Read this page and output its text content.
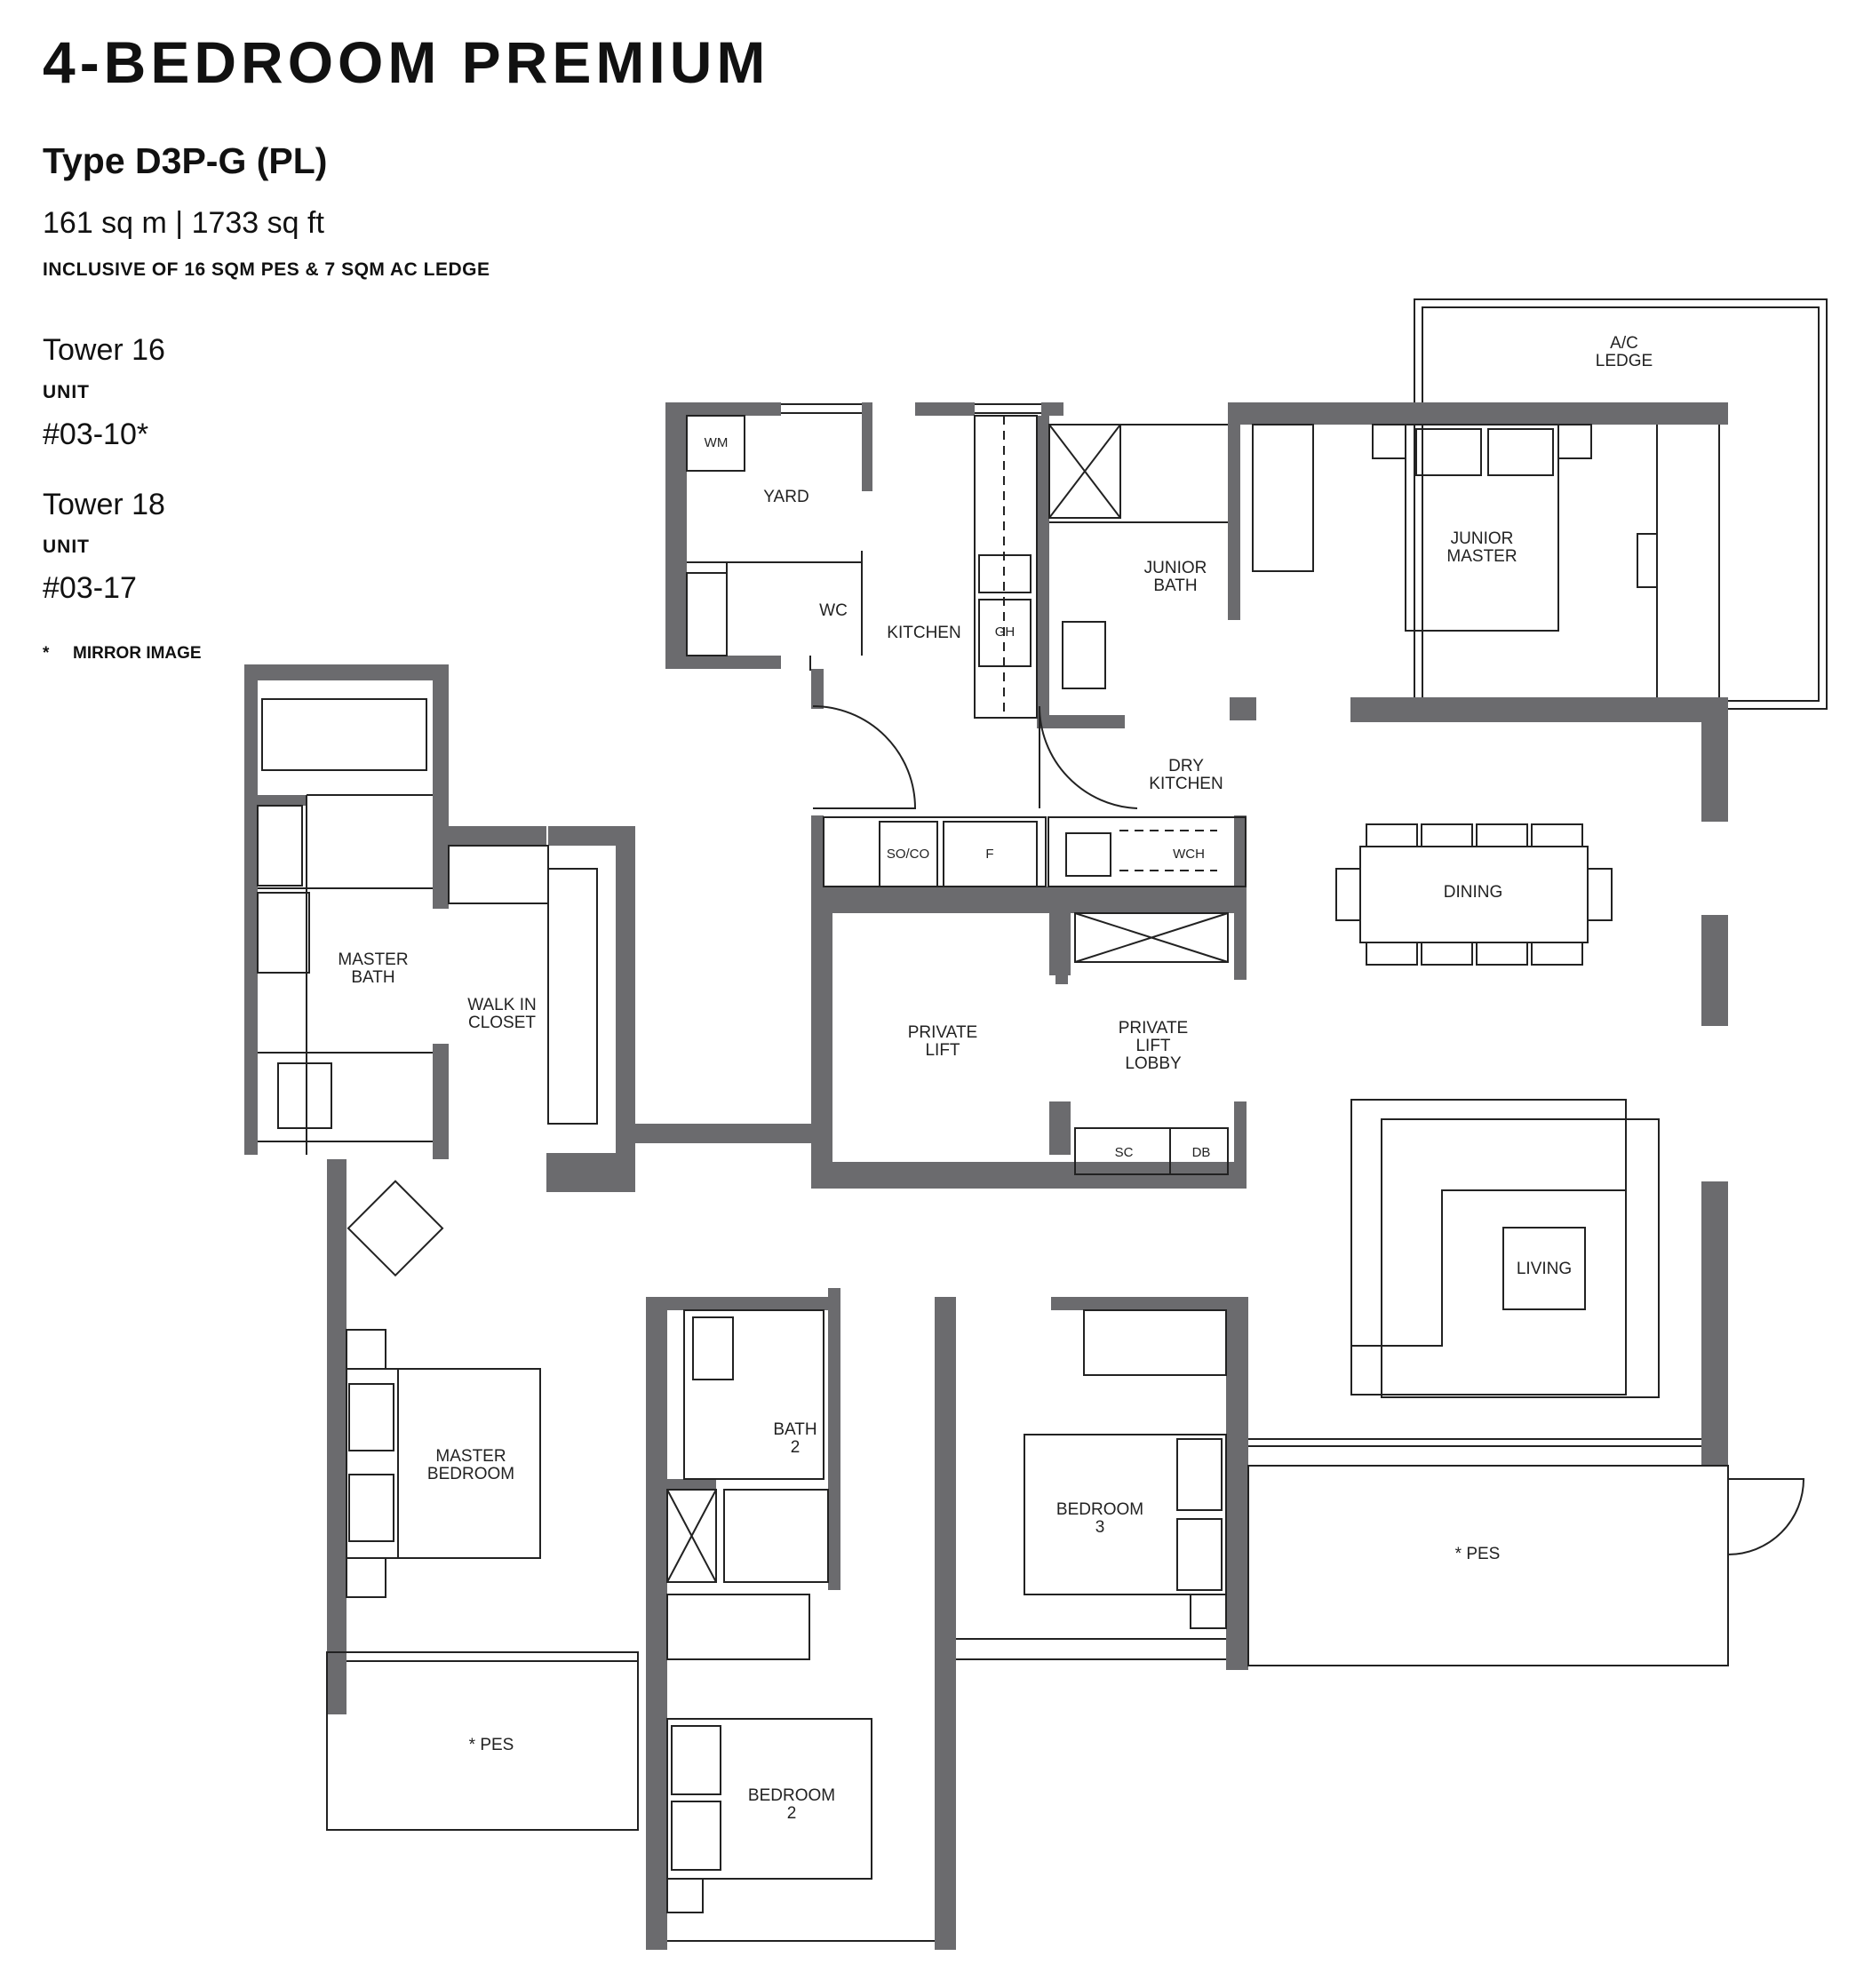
4-BEDROOM PREMIUM
Type D3P-G (PL)
161 sq m | 1733 sq ft
INCLUSIVE OF 16 SQM PES & 7 SQM AC LEDGE
Tower 16
UNIT
#03-10*
Tower 18
UNIT
#03-17
* MIRROR IMAGE
A/C
LEDGE
WM
YARD
WC
KITCHEN
JUNIOR
BATH
JUNIOR
MASTER
DRY
KITCHEN
DINING
MASTER
BATH
WALK IN
CLOSET
PRIVATE
LIFT
PRIVATE
LIFT
LOBBY
LIVING
MASTER
BEDROOM
BATH
2
BEDROOM
3
* PES
* PES
BEDROOM
2
SO/CO	F	WCH
GH
SC	DB
